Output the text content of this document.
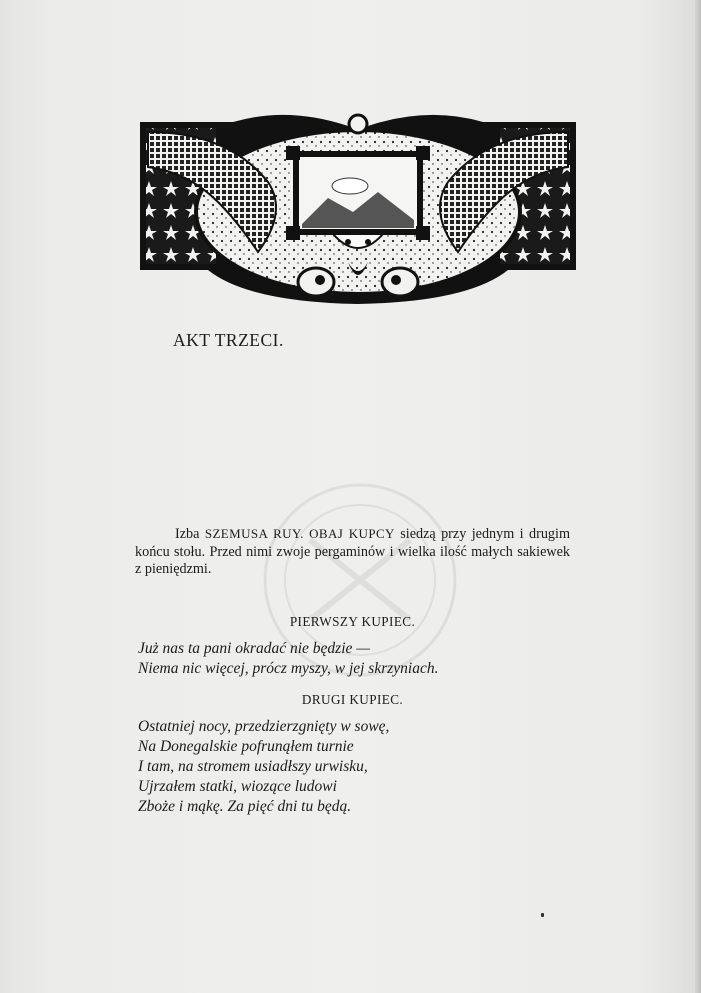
AKT TRZECI.
Izba SZEMUSA RUY. OBAJ KUPCY siedzą przy jednym i drugim końcu stołu. Przed nimi zwoje pergaminów i wielka ilość małych sakiewek z pieniędzmi.
PIERWSZY KUPIEC.
Już nas ta pani okradać nie będzie —
Niema nic więcej, prócz myszy, w jej skrzyniach.
DRUGI KUPIEC.
Ostatniej nocy, przedzierzgnięty w sowę,
Na Donegalskie pofrunąłem turnie
I tam, na stromem usiadłszy urwisku,
Ujrzałem statki, wiozące ludowi
Zboże i mąkę. Za pięć dni tu będą.
